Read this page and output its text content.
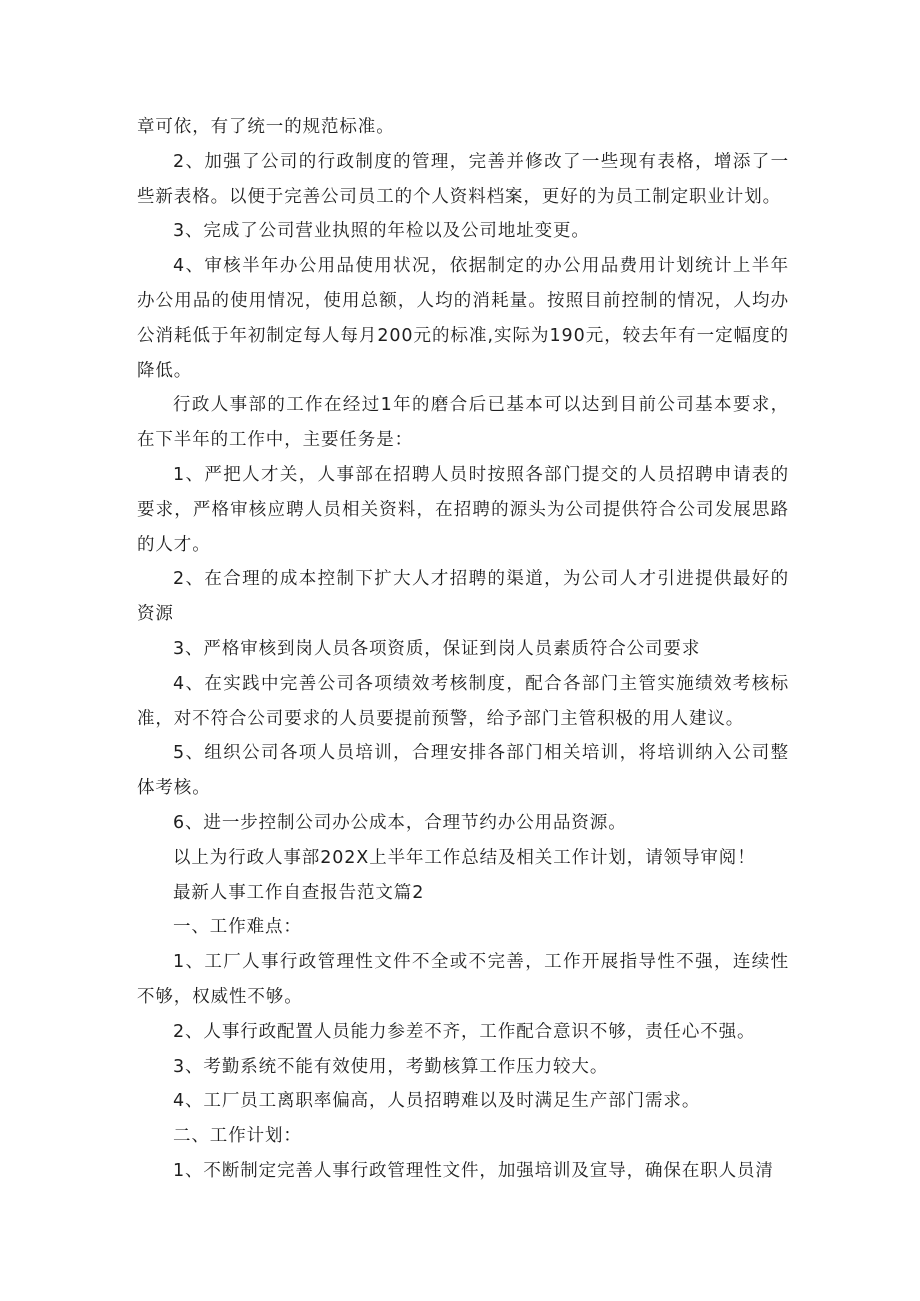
章可依，有了统一的规范标准。

2、加强了公司的行政制度的管理，完善并修改了一些现有表格，增添了一些新表格。以便于完善公司员工的个人资料档案，更好的为员工制定职业计划。

3、完成了公司营业执照的年检以及公司地址变更。

4、审核半年办公用品使用状况，依据制定的办公用品费用计划统计上半年办公用品的使用情况，使用总额，人均的消耗量。按照目前控制的情况，人均办公消耗低于年初制定每人每月200元的标准,实际为190元，较去年有一定幅度的降低。

行政人事部的工作在经过1年的磨合后已基本可以达到目前公司基本要求，在下半年的工作中，主要任务是：

1、严把人才关，人事部在招聘人员时按照各部门提交的人员招聘申请表的要求，严格审核应聘人员相关资料，在招聘的源头为公司提供符合公司发展思路的人才。

2、在合理的成本控制下扩大人才招聘的渠道，为公司人才引进提供最好的资源

3、严格审核到岗人员各项资质，保证到岗人员素质符合公司要求

4、在实践中完善公司各项绩效考核制度，配合各部门主管实施绩效考核标准，对不符合公司要求的人员要提前预警，给予部门主管积极的用人建议。

5、组织公司各项人员培训，合理安排各部门相关培训，将培训纳入公司整体考核。

6、进一步控制公司办公成本，合理节约办公用品资源。

以上为行政人事部202X上半年工作总结及相关工作计划，请领导审阅！

最新人事工作自查报告范文篇2

一、工作难点：

1、工厂人事行政管理性文件不全或不完善，工作开展指导性不强，连续性不够，权威性不够。

2、人事行政配置人员能力参差不齐，工作配合意识不够，责任心不强。

3、考勤系统不能有效使用，考勤核算工作压力较大。

4、工厂员工离职率偏高，人员招聘难以及时满足生产部门需求。

二、工作计划：

1、不断制定完善人事行政管理性文件，加强培训及宣导，确保在职人员清
